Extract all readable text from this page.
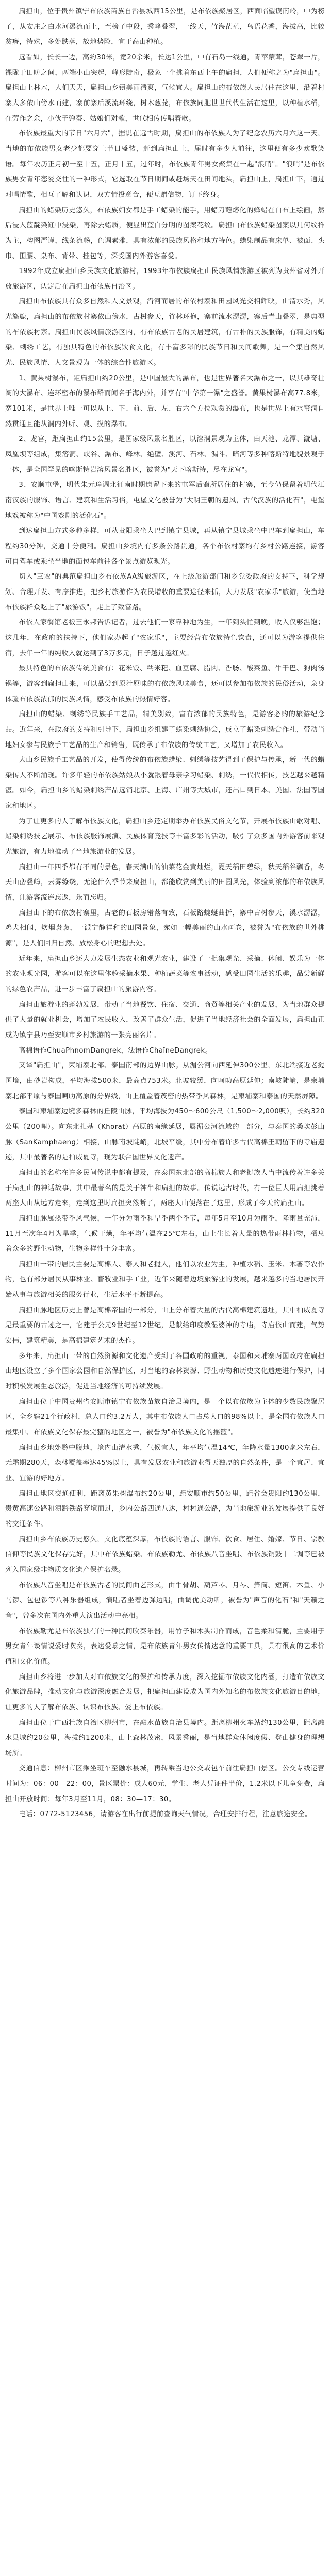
扁担山，位于贵州镇宁布依族苗族自治县城西15公里，是布依族聚居区，西面临望谟南岭，中为榜子，从安庄之白水河瀑流而上，至榜子中段，秀峰叠翠，一线天，竹海茫茫，鸟语花香，海拔高，比较贫瘠，特殊，多处跌落，故地势险，宜于高山种植。

远看如，长长一边，高约30米，宽20余米，长达1公里，中有石岛一线通，青苹蒙茸，苍翠一片，裸陇于田畴之间，两端小山突起，峰形陡奇，极象一个挑着东西上午的扁担，人们便称之为"扁担山"。扁担山上林木，人们天天，扁担山乡镇美丽清爽，气候宜人。扁担山的布依族人民居住在这里，沿着村寨大多依山傍水而建，寨前寨后溪流环绕，树木葱茏，布依族同胞世世代代生活在这里，以种植水稻，在劳作之余，小伙子弹奏、姑娘们对歌，世代相传传唱着歌。

布依族最重大的节日"六月六"，据说在远古时期，扁担山的布依族人为了纪念农历六月六这一天，当地的布依族男女老少都要穿上节日盛装，赶到扁担山上，届时有多少人前往，这里便有多少欢歌笑语。每年农历正月初一至十五，正月十五，过年时，布依族青年男女聚集在一起"浪哨"。"浪哨"是布依族男女青年恋爱交往的一种形式，它选取在节日期间或赶场天在田间地头，扁担山上，扁担山下，通过对唱情歌，相互了解和认识，双方情投意合，便互赠信物，订下终身。

扁担山的蜡染历史悠久，布依族妇女都是手工蜡染的能手，用蜡刀蘸熔化的蜂蜡在白布上绘画，然后浸入蓝靛染缸中浸染，再除去蜡质，便显出蓝白分明的图案花纹。扁担山布依族蜡染图案以几何纹样为主，构图严谨，线条流畅，色调素雅，具有浓郁的民族风格和地方特色。蜡染制品有床单、被面、头巾、围腰、桌布、背带、挂包等，深受国内外游客喜爱。

1992年成立扁担山乡民族文化旅游村，1993年布依族扁担山民族风情旅游区被列为贵州省对外开放旅游区，认定后在扁担山布依族自治区。

扁担山布依族具有众多自然和人文景观，沿河而居的布依村寨和田园风光交相辉映，山清水秀，风光旖旎，扁担山的布依族村寨依山傍水，古树参天，竹林环抱，寨前流水潺潺，寨后青山叠翠，是典型的布依族村寨。扁担山民族风情旅游区内，有布依族古老的民居建筑，有古朴的民族服饰，有精美的蜡染、刺绣工艺，有独具特色的布依族饮食文化，有丰富多彩的民族节日和民间歌舞，是一个集自然风光、民族风情、人文景观为一体的综合性旅游区。

1、黄果树瀑布，距扁担山约20公里，是中国最大的瀑布，也是世界著名大瀑布之一，以其雄奇壮阔的大瀑布、连环密布的瀑布群而闻名于海内外，并享有"中华第一瀑"之盛誉。黄果树瀑布高77.8米，宽101米，是世界上唯一可以从上、下、前、后、左、右六个方位观赏的瀑布，也是世界上有水帘洞自然贯通且能从洞内外听、观、摸的瀑布。

2、龙宫，距扁担山约15公里，是国家级风景名胜区，以溶洞景观为主体，由天池、龙潭、漩塘、凤凰坝等组成，集溶洞、峡谷、瀑布、峰林、绝壁、溪河、石林、漏斗、暗河等多种喀斯特地貌景观于一体，是全国罕见的喀斯特岩溶风景名胜区，被誉为"天下喀斯特，尽在龙宫"。

3、安顺屯堡，明代朱元璋调北征南时期遗留下来的屯军后裔所居住的村寨，至今仍保留着明代江南汉族的服饰、语言、建筑和生活习俗，屯堡文化被誉为"大明王朝的遗风，古代汉族的活化石"，屯堡地戏被称为"中国戏剧的活化石"。

到达扁担山方式多种多样，可从贵阳乘坐大巴到镇宁县城，再从镇宁县城乘坐中巴车到扁担山，车程约30分钟，交通十分便利。扁担山乡境内有多条公路贯通，各个布依村寨均有乡村公路连接，游客可自驾车或乘坐当地的面包车前往各个景点游览观光。

切入"三农"的典范扁担山乡布依族AA级旅游区，在上级旅游部门和乡党委政府的支持下，科学规划、合理开发、有序推进，把乡村旅游作为农民增收的重要途径来抓，大力发展"农家乐"旅游，使当地布依族群众吃上了"旅游饭"，走上了致富路。

布依人家餐馆老板王永邦告诉记者，过去他们一家靠种地为生，一年到头忙到晚，收入仅够温饱；这几年，在政府的扶持下，他们家办起了"农家乐"，主要经营布依族特色饮食，还可以为游客提供住宿，去年一年的纯收入就达到了3万多元，日子越过越红火。

最具特色的布依族传统美食有：花米饭、糯米粑、血豆腐、腊肉、香肠、酸菜鱼、牛干巴、狗肉汤锅等，游客到扁担山来，可以品尝到原汁原味的布依族风味美食，还可以参加布依族的民俗活动，亲身体验布依族浓郁的民族风情，感受布依族的热情好客。

扁担山的蜡染、刺绣等民族手工艺品，精美别致，富有浓郁的民族特色，是游客必购的旅游纪念品。近年来，在政府的支持和引导下，扁担山乡组建了蜡染刺绣协会，成立了蜡染刺绣合作社，带动当地妇女参与民族手工艺品的生产和销售，既传承了布依族的传统工艺，又增加了农民收入。

大山乡民族手工艺品的开发，使得传统的布依族蜡染、刺绣等技艺得到了保护与传承，新一代的蜡染传人不断涌现。许多年轻的布依族姑娘从小就跟着母亲学习蜡染、刺绣，一代代相传，技艺越来越精湛。如今，扁担山乡的蜡染刺绣产品远销北京、上海、广州等大城市，还出口到日本、美国、法国等国家和地区。

为了让更多的人了解布依族文化，扁担山乡还定期举办布依族民俗文化节，开展布依族山歌对唱、蜡染刺绣技艺展示、布依族服饰展演、民族体育竞技等丰富多彩的活动，吸引了众多国内外游客前来观光旅游，有力地推动了当地旅游业的发展。

扁担山一年四季都有不同的景色，春天满山的油菜花金黄灿烂，夏天稻田碧绿，秋天稻谷飘香，冬天山峦叠嶂，云雾缭绕，无论什么季节来扁担山，都能欣赏到美丽的田园风光，体验到浓郁的布依族风情，让游客流连忘返，乐而忘归。

扁担山下的布依族村寨里，古老的石板房错落有致，石板路蜿蜒曲折，寨中古树参天，溪水潺潺，鸡犬相闻，炊烟袅袅，一派宁静祥和的田园景象，宛如一幅美丽的山水画卷，被誉为"布依族的世外桃源"，是人们回归自然、放松身心的理想去处。

近年来，扁担山乡还大力发展生态农业和观光农业，建设了一批集观光、采摘、休闲、娱乐为一体的农业观光园，游客可以在这里体验采摘水果、种植蔬菜等农事活动，感受田园生活的乐趣，品尝新鲜的绿色农产品，进一步丰富了扁担山的旅游内容。

扁担山旅游业的蓬勃发展，带动了当地餐饮、住宿、交通、商贸等相关产业的发展，为当地群众提供了大量的就业机会，增加了农民收入，改善了群众生活，促进了当地经济社会的全面发展，扁担山正成为镇宁县乃至安顺市乡村旅游的一张亮丽名片。

高棉语作ChuaPhnomDangrek，法语作ChaîneDangrek。

又译"扁担山"，柬埔寨北部、泰国南部的边界山脉。从湄公河向西延伸300公里，东北端接近老挝国境，由砂岩构成，平均海拔500米，最高点753米。北坡较缓，向呵叻高原延伸；南坡陡峭，是柬埔寨北部平原与泰国呵叻高原的分界线，山上覆盖着茂密的热带季风森林，是柬埔寨和泰国的天然屏障。

泰国和柬埔寨边境多森林的丘陵山脉，平均海拔为450～600公尺（1,500～2,000呎），长约320公里（200哩）。向东北扎基（Khorat）高原的南缘延展，属湄公河流域的一部分，与泰国的桑坎彭山脉（SanKamphaeng）相接，山脉南坡陡峭，北坡平缓，其中分布着许多古代高棉王朝留下的寺庙遗迹，其中最著名的是柏威夏寺，现为联合国世界文化遗产。

扁担山的名称在许多民间传说中都有提及，在泰国东北部的高棉族人和老挝族人当中流传着许多关于扁担山的神话故事，其中最著名的是关于神牛和扁担的故事。传说远古时代，有一位巨人用扁担挑着两座大山从远方走来，走到这里时扁担突然断了，两座大山便落在了这里，形成了今天的扁担山。

扁担山脉属热带季风气候，一年分为雨季和旱季两个季节，每年5月至10月为雨季，降雨量充沛，11月至次年4月为旱季，气候干燥，年平均气温在25℃左右，山上生长着大量的热带雨林植物，栖息着众多的野生动物，生物多样性十分丰富。

扁担山一带的居民主要是高棉人、泰人和老挝人，他们以农业为主，种植水稻、玉米、木薯等农作物，也有部分居民从事林业、畜牧业和手工业，近年来随着边境旅游业的发展，越来越多的当地居民开始从事与旅游相关的服务行业，生活水平不断提高。

扁担山脉地区历史上曾是高棉帝国的一部分，山上分布着大量的古代高棉建筑遗址，其中柏威夏寺是最重要的古迹之一，它建于公元9世纪至12世纪，是献给印度教湿婆神的寺庙，寺庙依山而建，气势宏伟，建筑精美，是高棉建筑艺术的杰作。

多年来，扁担山一带的自然资源和文化遗产受到了各国政府的重视，泰国和柬埔寨两国政府在扁担山地区设立了多个国家公园和自然保护区，对当地的森林资源、野生动物和历史文化遗迹进行保护，同时积极发展生态旅游，促进当地经济的可持续发展。

扁担山位于中国贵州省安顺市镇宁布依族苗族自治县境内，是一个以布依族为主体的少数民族聚居区，全乡辖21个行政村，总人口约3.2万人，其中布依族人口占总人口的98%以上，是全国布依族人口最集中、布依族文化保存最完整的地区之一，被誉为"布依族文化的摇篮"。

扁担山乡地处黔中腹地，境内山清水秀，气候宜人，年平均气温14℃，年降水量1300毫米左右，无霜期280天，森林覆盖率达45%以上，具有发展农业和旅游业得天独厚的自然条件，是一个宜居、宜业、宜游的好地方。

扁担山地区交通便利，距离黄果树瀑布约20公里，距安顺市约50公里，距省会贵阳约130公里，贵黄高速公路和滇黔铁路穿境而过，乡内公路四通八达，村村通公路，为当地旅游业的发展提供了良好的交通条件。

扁担山乡布依族历史悠久，文化底蕴深厚，布依族的语言、服饰、饮食、居住、婚嫁、节日、宗教信仰等民族文化保存完好，其中布依族蜡染、布依族勒尤、布依族八音坐唱、布依族铜鼓十二调等已被列入国家级非物质文化遗产保护名录。

布依族八音坐唱是布依族古老的民间曲艺形式，由牛骨胡、葫芦琴、月琴、箫筒、短笛、木鱼、小马锣、包包锣等八种乐器组成，演唱者坐着边弹边唱，曲调优美动听，被誉为"声音的化石"和"天籁之音"，曾多次在国内外重大演出活动中亮相。

布依族勒尤是布依族独有的一种民间吹奏乐器，用竹子和木头制作而成，音色柔和清脆，主要用于男女青年谈情说爱时吹奏，表达爱慕之情，是布依族青年男女传情达意的重要工具，具有很高的艺术价值和文化价值。

扁担山乡将进一步加大对布依族文化的保护和传承力度，深入挖掘布依族文化内涵，打造布依族文化旅游品牌，推动文化与旅游深度融合发展，把扁担山建设成为国内外知名的布依族文化旅游目的地，让更多的人了解布依族、认识布依族、爱上布依族。

扁担山位于广西壮族自治区柳州市，在融水苗族自治县境内。距离柳州火车站约130公里，距离融水县城约20公里，海拔约1200米，山上森林茂密，风景秀丽，是当地群众休闲度假、登山健身的理想场所。

交通信息：柳州市区乘坐班车至融水县城，再转乘当地公交或包车前往扁担山景区。公交专线运营时间为：06：00—22：00，景区票价：成人60元，学生、老人凭证件半价，1.2米以下儿童免费，扁担山开放时间：每年3月至11月，08：30—17：30。

电话：0772-5123456，请游客在出行前提前查询天气情况，合理安排行程，注意旅途安全。
